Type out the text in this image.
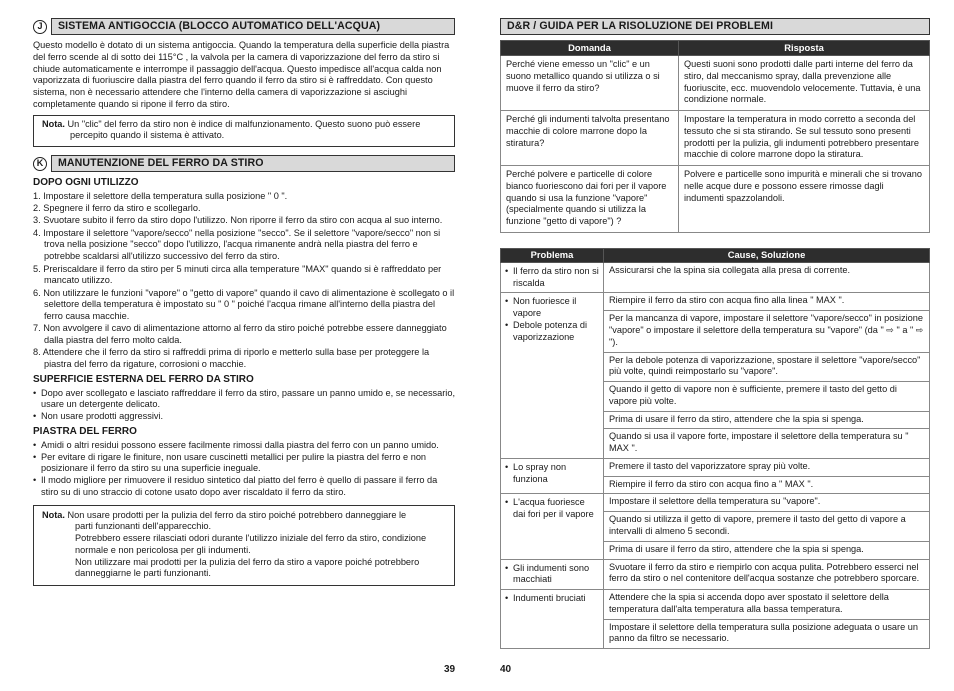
J	SISTEMA ANTIGOCCIA (BLOCCO AUTOMATICO DELL'ACQUA)

Questo modello è dotato di un sistema antigoccia. Quando la temperatura della superficie della piastra del ferro scende al di sotto dei 115°C , la valvola per la camera di vaporizzazione del ferro da stiro si chiude automaticamente e interrompe il passaggio dell'acqua. Questo impedisce all'acqua calda non vaporizzata di fuoriuscire dalla piastra del ferro quando il ferro da stiro si è raffreddato. Con questo sistema, non è necessario attendere che l'interno della camera di vaporizzazione si asciughi completamente quando si ripone il ferro da stiro.

Nota. Un "clic" del ferro da stiro non è indice di malfunzionamento. Questo suono può essere percepito quando il sistema è attivato.
K	MANUTENZIONE DEL FERRO DA STIRO
DOPO OGNI UTILIZZO
1. Impostare il selettore della temperatura sulla posizione " 0 ".
2. Spegnere il ferro da stiro e scollegarlo.
3. Svuotare subito il ferro da stiro dopo l'utilizzo. Non riporre il ferro da stiro con acqua al suo interno.
4. Impostare il selettore "vapore/secco" nella posizione "secco". Se il selettore "vapore/secco" non si trova nella posizione "secco" dopo l'utilizzo, l'acqua rimanente andrà nella piastra del ferro e potrebbe scaldarsi all'utilizzo successivo del ferro da stiro.
5. Preriscaldare il ferro da stiro per 5 minuti circa alla temperature "MAX" quando si è raffreddato per mancato utilizzo.
6. Non utilizzare le funzioni "vapore" o "getto di vapore" quando il cavo di alimentazione è scollegato o il selettore della temperatura è impostato su " 0 " poiché l'acqua rimane all'interno della piastra del ferro causa macchie.
7. Non avvolgere il cavo di alimentazione attorno al ferro da stiro poiché potrebbe essere danneggiato dalla piastra del ferro molto calda.
8. Attendere che il ferro da stiro si raffreddi prima di riporlo e metterlo sulla base per proteggere la piastra del ferro da rigature, corrosioni o macchie.
SUPERFICIE ESTERNA DEL FERRO DA STIRO
• Dopo aver scollegato e lasciato raffreddare il ferro da stiro, passare un panno umido e, se necessario, usare un detergente delicato.
• Non usare prodotti aggressivi.
PIASTRA DEL FERRO
• Amidi o altri residui possono essere facilmente rimossi dalla piastra del ferro con un panno umido.
• Per evitare di rigare le finiture, non usare cuscinetti metallici per pulire la piastra del ferro e non posizionare il ferro da stiro su una superficie ineguale.
• Il modo migliore per rimuovere il residuo sintetico dal piatto del ferro è quello di passare il ferro da stiro su di uno straccio di cotone usato dopo aver riscaldato il ferro da stiro.
Nota. Non usare prodotti per la pulizia del ferro da stiro poiché potrebbero danneggiare le
parti funzionanti dell'apparecchio.
Potrebbero essere rilasciati odori durante l'utilizzo iniziale del ferro da stiro, condizione normale e non pericolosa per gli indumenti.
Non utilizzare mai prodotti per la pulizia del ferro da stiro a vapore poiché potrebbero danneggiarne le parti funzionanti.
D&R / GUIDA PER LA RISOLUZIONE DEI PROBLEMI
Domanda	Risposta
Perché viene emesso un "clic" e un suono metallico quando si utilizza o si muove il ferro da stiro?	Questi suoni sono prodotti dalle parti interne del ferro da stiro, dal meccanismo spray, dalla prevenzione alle fuoriuscite, ecc. muovendolo velocemente. Tuttavia, è una condizione normale.
Perché gli indumenti talvolta presentano macchie di colore marrone dopo la stiratura?	Impostare la temperatura in modo corretto a seconda del tessuto che si sta stirando. Se sul tessuto sono presenti prodotti per la pulizia, gli indumenti potrebbero presentare macchie di colore marrone dopo la stiratura.
Perché polvere e particelle di colore bianco fuoriescono dai fori per il vapore quando si usa la funzione "vapore" (specialmente quando si utilizza la funzione "getto di vapore") ?	Polvere e particelle sono impurità e minerali che si trovano nelle acque dure e possono essere rimosse dagli indumenti spazzolandoli.
Problema	Cause, Soluzione

• Il ferro da stiro non si riscalda	Assicurarsi che la spina sia collegata alla presa di corrente.

• Non fuoriesce il vapore
• Debole potenza di vaporizzazione	Riempire il ferro da stiro con acqua fino alla linea " MAX ".
	Per la mancanza di vapore, impostare il selettore "vapore/secco" in posizione "vapore" o impostare il selettore della temperatura su "vapore" (da " ⇨ " a " ⇨ ").
	Per la debole potenza di vaporizzazione, spostare il selettore "vapore/secco" più volte, quindi reimpostarlo su "vapore".
	Quando il getto di vapore non è sufficiente, premere il tasto del getto di vapore più volte.
	Prima di usare il ferro da stiro, attendere che la spia si spenga.
	Quando si usa il vapore forte, impostare il selettore della temperatura su " MAX ".

• Lo spray non funziona	Premere il tasto del vaporizzatore spray più volte.
	Riempire il ferro da stiro con acqua fino a " MAX ".

• L'acqua fuoriesce dai fori per il vapore	Impostare il selettore della temperatura su "vapore".
	Quando si utilizza il getto di vapore, premere il tasto del getto di vapore a intervalli di almeno 5 secondi.
	Prima di usare il ferro da stiro, attendere che la spia si spenga.

• Gli indumenti sono macchiati	Svuotare il ferro da stiro e riempirlo con acqua pulita. Potrebbero esserci nel ferro da stiro o nel contenitore dell'acqua sostanze che potrebbero sporcare.

• Indumenti bruciati	Attendere che la spia si accenda dopo aver spostato il selettore della temperatura dall'alta temperatura alla bassa temperatura.
	Impostare il selettore della temperatura sulla posizione adeguata o usare un panno da filtro se necessario.
39	40
